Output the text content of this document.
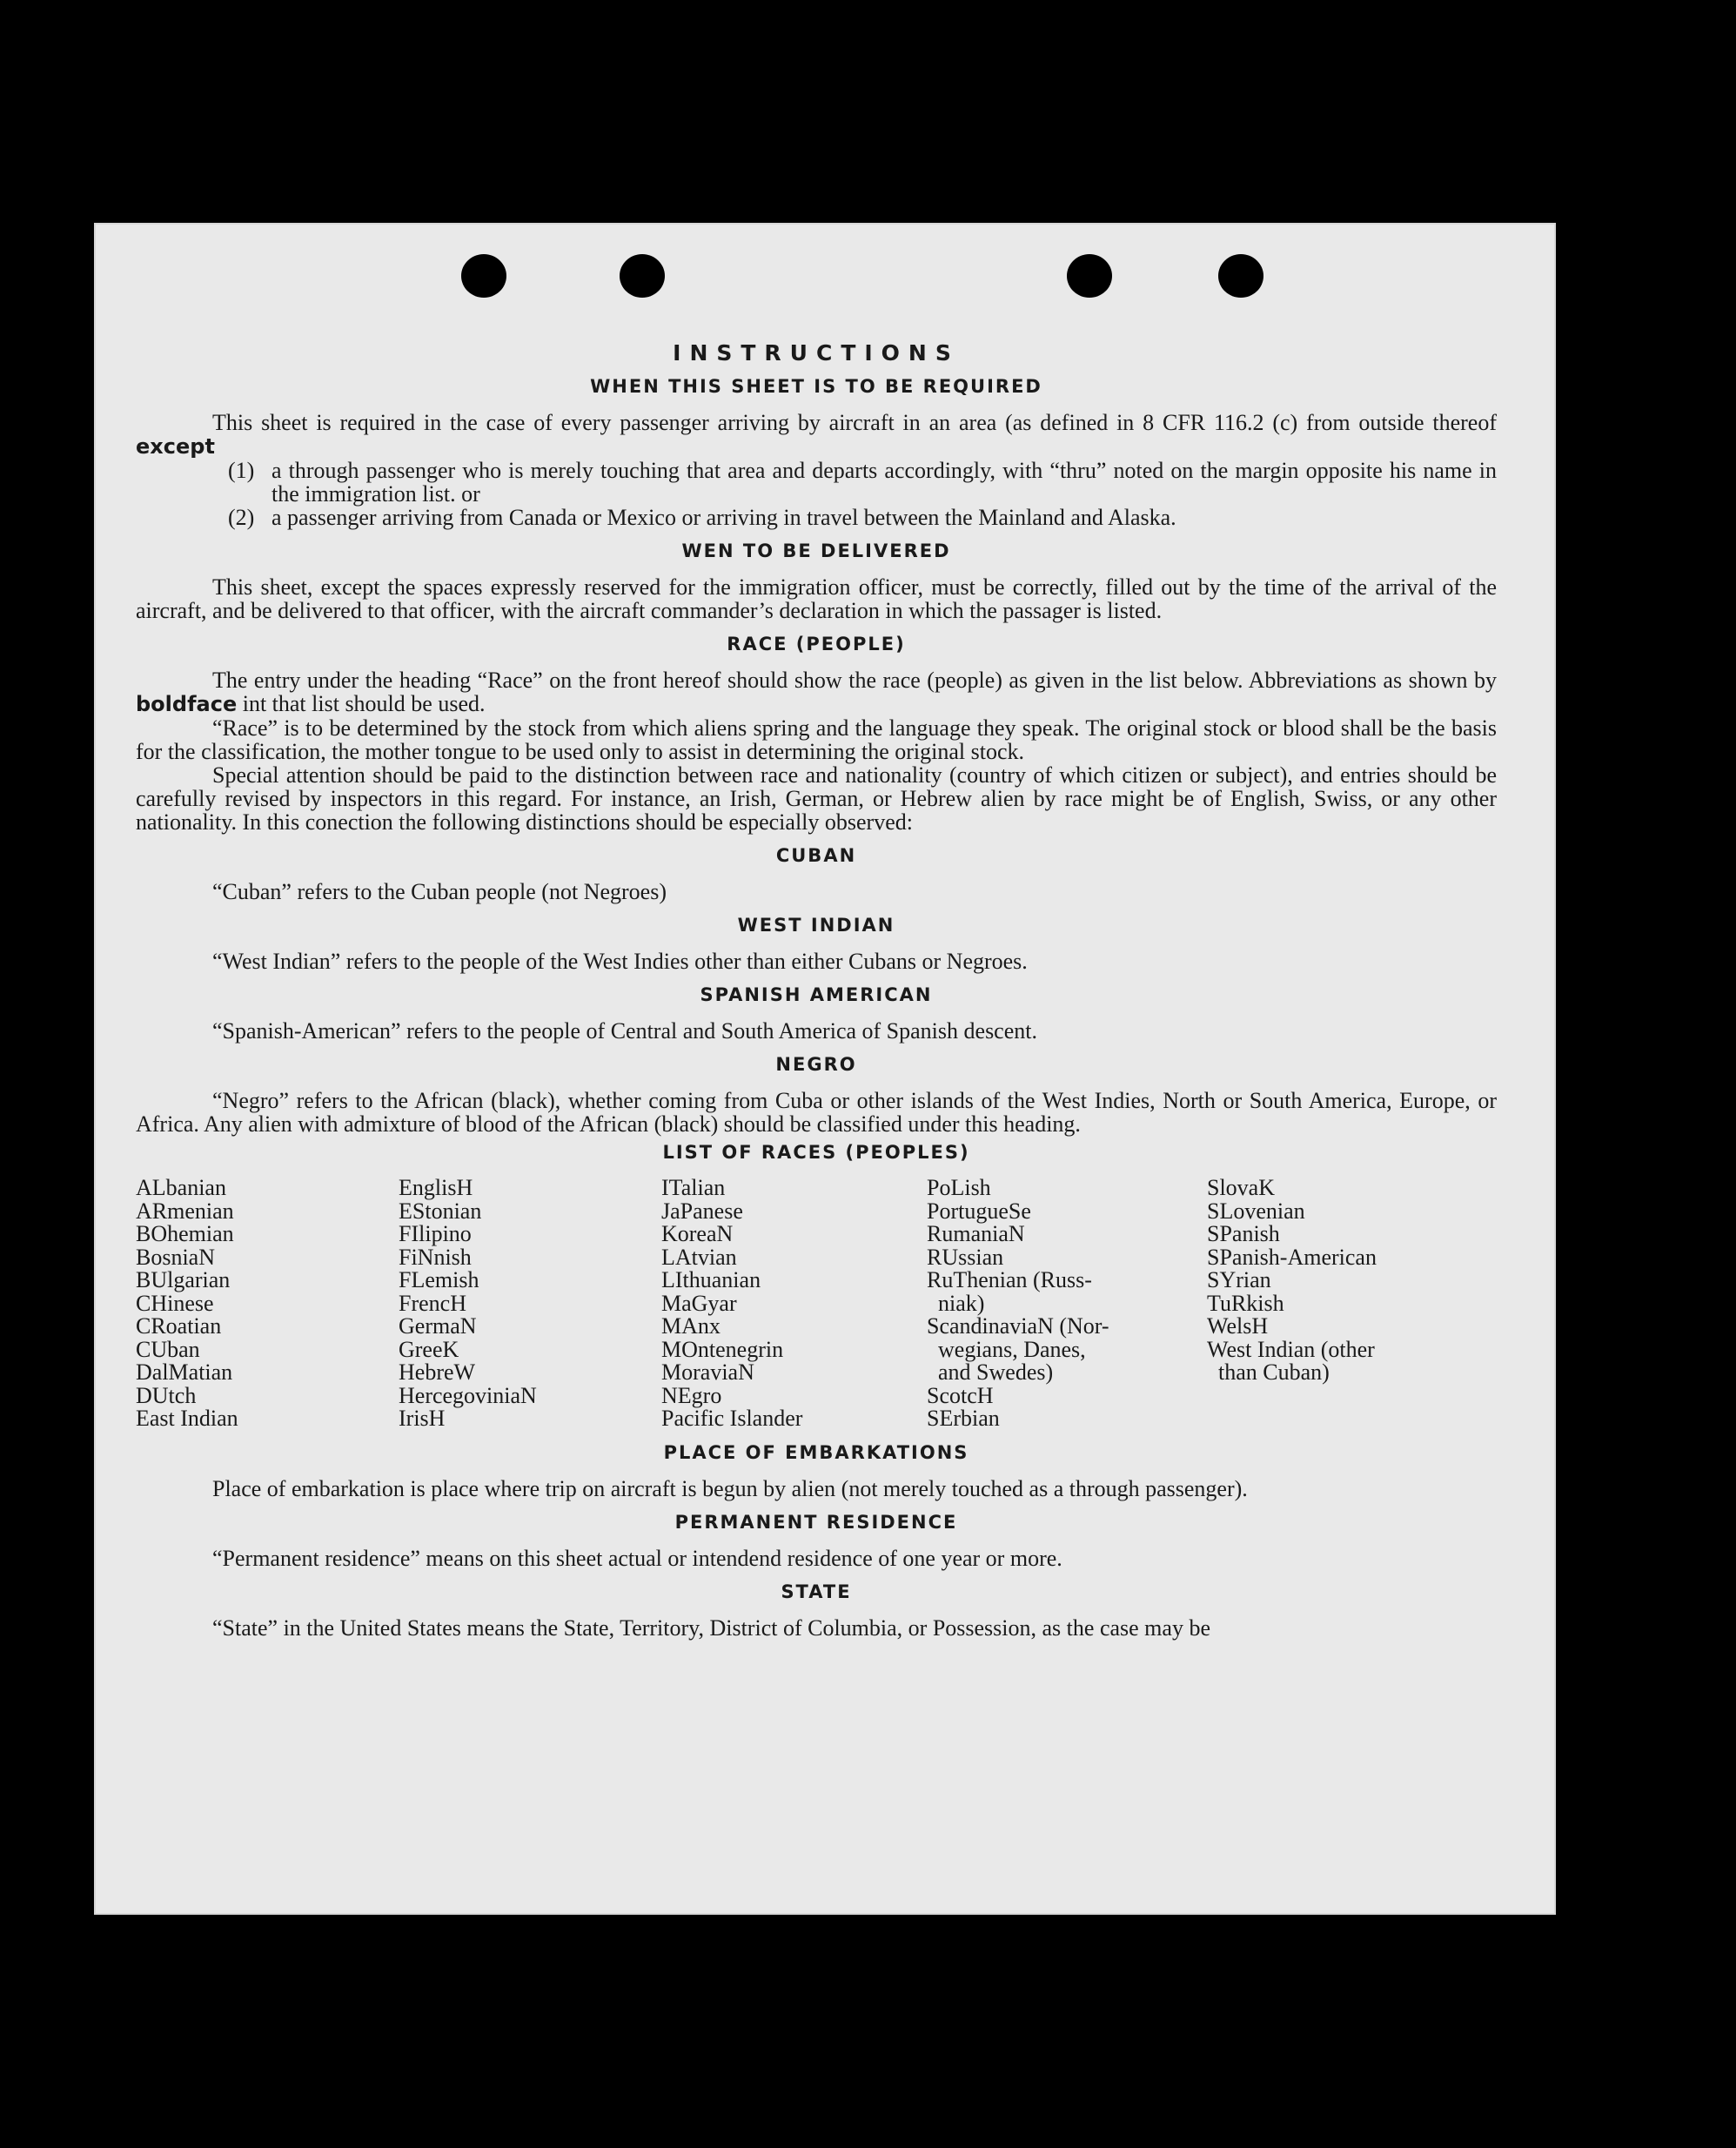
INSTRUCTIONS
WHEN THIS SHEET IS TO BE REQUIRED

This sheet is required in the case of every passenger arriving by aircraft in an area (as defined in 8 CFR 116.2 (c) from outside thereof except

(1) a through passenger who is merely touching that area and departs accordingly, with “thru” noted on the margin opposite his name in the immigration list. or
(2) a passenger arriving from Canada or Mexico or arriving in travel between the Mainland and Alaska.
WEN TO BE DELIVERED

This sheet, except the spaces expressly reserved for the immigration officer, must be correctly, filled out by the time of the arrival of the aircraft, and be delivered to that officer, with the aircraft commander’s declaration in which the passager is listed.

RACE (PEOPLE)

The entry under the heading “Race” on the front hereof should show the race (people) as given in the list below. Abbreviations as shown by boldface int that list should be used.

“Race” is to be determined by the stock from which aliens spring and the language they speak. The original stock or blood shall be the basis for the classification, the mother tongue to be used only to assist in determining the original stock.

Special attention should be paid to the distinction between race and nationality (country of which citizen or subject), and entries should be carefully revised by inspectors in this regard. For instance, an Irish, German, or Hebrew alien by race might be of English, Swiss, or any other nationality. In this conection the following distinctions should be especially observed:

CUBAN

“Cuban” refers to the Cuban people (not Negroes)

WEST INDIAN

“West Indian” refers to the people of the West Indies other than either Cubans or Negroes.

SPANISH AMERICAN

“Spanish-American” refers to the people of Central and South America of Spanish descent.

NEGRO

“Negro” refers to the African (black), whether coming from Cuba or other islands of the West Indies, North or South America, Europe, or Africa. Any alien with admixture of blood of the African (black) should be classified under this heading.

LIST OF RACES (PEOPLES)
ALbanian
ARmenian
BOhemian
BosniaN
BUlgarian
CHinese
CRoatian
CUban
DalMatian
DUtch
East Indian
EnglisH
EStonian
FIlipino
FiNnish
FLemish
FrencH
GermaN
GreeK
HebreW
HercegoviniaN
IrisH
ITalian
JaPanese
KoreaN
LAtvian
LIthuanian
MaGyar
MAnx
MOntenegrin
MoraviaN
NEgro
Pacific Islander
PoLish
PortugueSe
RumaniaN
RUssian
RuThenian (Russ-
niak)
ScandinaviaN (Nor-
wegians, Danes,
and Swedes)
ScotcH
SErbian
SlovaK
SLovenian
SPanish
SPanish-American
SYrian
TuRkish
WelsH
West Indian (other
than Cuban)
PLACE OF EMBARKATIONS

Place of embarkation is place where trip on aircraft is begun by alien (not merely touched as a through passenger).

PERMANENT RESIDENCE

“Permanent residence” means on this sheet actual or intendend residence of one year or more.

STATE

“State” in the United States means the State, Territory, District of Columbia, or Possession, as the case may be
